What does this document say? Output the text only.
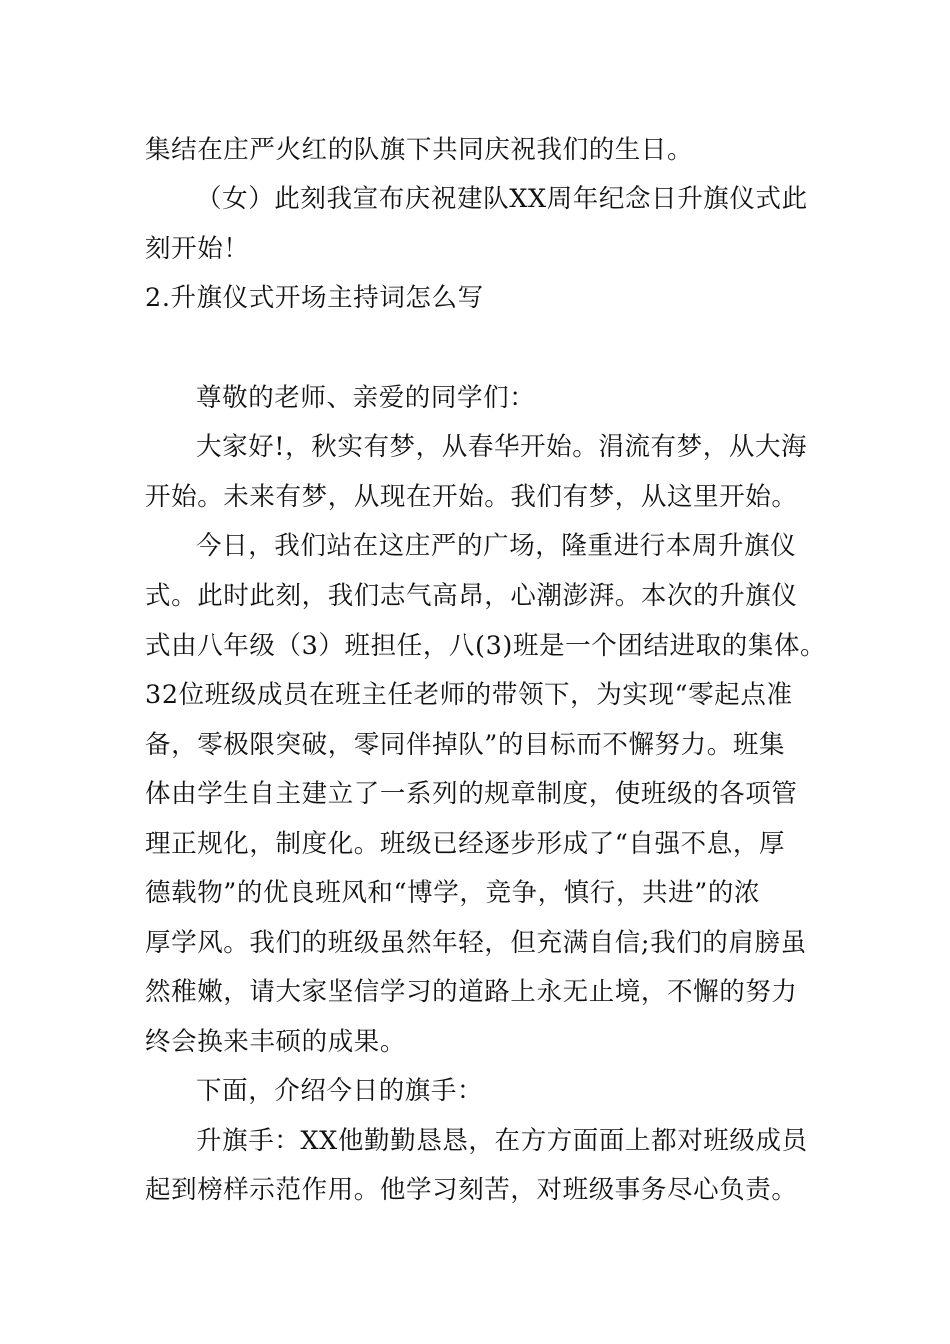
集结在庄严火红的队旗下共同庆祝我们的生日。
（女）此刻我宣布庆祝建队XX周年纪念日升旗仪式此
刻开始！
2.升旗仪式开场主持词怎么写
尊敬的老师、亲爱的同学们：
大家好!，秋实有梦，从春华开始。涓流有梦，从大海
开始。未来有梦，从现在开始。我们有梦，从这里开始。
今日，我们站在这庄严的广场，隆重进行本周升旗仪
式。此时此刻，我们志气高昂，心潮澎湃。本次的升旗仪
式由八年级（3）班担任，八(3)班是一个团结进取的集体。
32位班级成员在班主任老师的带领下，为实现“零起点准
备，零极限突破，零同伴掉队”的目标而不懈努力。班集
体由学生自主建立了一系列的规章制度，使班级的各项管
理正规化，制度化。班级已经逐步形成了“自强不息，厚
德载物”的优良班风和“博学，竞争，慎行，共进”的浓
厚学风。我们的班级虽然年轻，但充满自信;我们的肩膀虽
然稚嫩，请大家坚信学习的道路上永无止境，不懈的努力
终会换来丰硕的成果。
下面，介绍今日的旗手：
升旗手：XX他勤勤恳恳，在方方面面上都对班级成员
起到榜样示范作用。他学习刻苦，对班级事务尽心负责。
